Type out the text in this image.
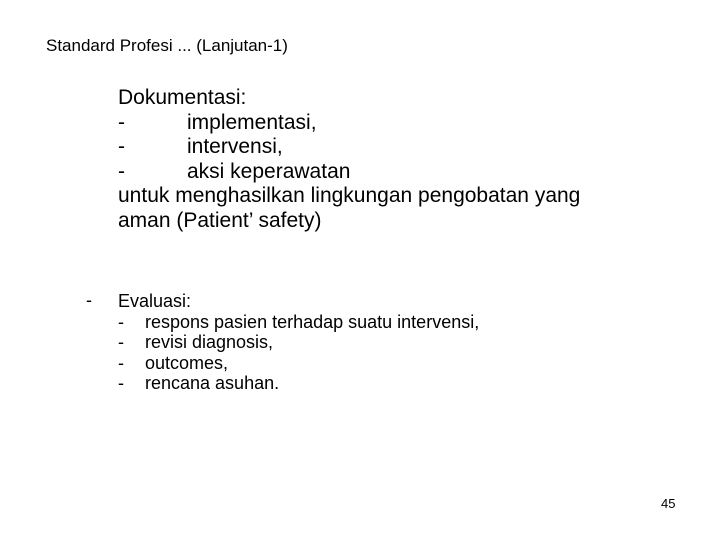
Standard Profesi ... (Lanjutan-1)
Dokumentasi:
-	implementasi,
-	intervensi,
-	aksi keperawatan
untuk menghasilkan lingkungan pengobatan yang
aman (Patient’ safety)
- Evaluasi:
-	respons pasien terhadap suatu intervensi,
-	revisi diagnosis,
-	outcomes,
-	rencana asuhan.
45
